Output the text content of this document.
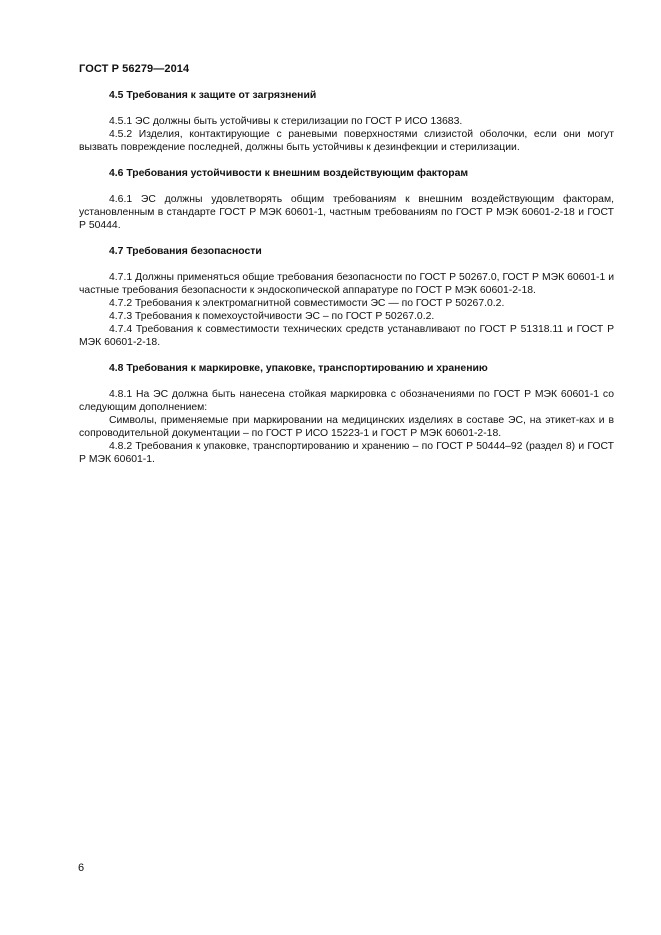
ГОСТ Р 56279—2014

4.5 Требования к защите от загрязнений

4.5.1 ЭС должны быть устойчивы к стерилизации по ГОСТ Р ИСО 13683.

4.5.2 Изделия, контактирующие с раневыми поверхностями слизистой оболочки, если они могут вызвать повреждение последней, должны быть устойчивы к дезинфекции и стерилизации.

4.6 Требования устойчивости к внешним воздействующим факторам

4.6.1 ЭС должны удовлетворять общим требованиям к внешним воздействующим факторам, установленным в стандарте ГОСТ Р МЭК 60601-1, частным требованиям по ГОСТ Р МЭК 60601-2-18 и ГОСТ Р 50444.

4.7 Требования безопасности

4.7.1 Должны применяться общие требования безопасности по ГОСТ Р 50267.0, ГОСТ Р МЭК 60601-1 и частные требования безопасности к эндоскопической аппаратуре по ГОСТ Р МЭК 60601-2-18.

4.7.2 Требования к электромагнитной совместимости ЭС — по ГОСТ Р 50267.0.2.

4.7.3 Требования к помехоустойчивости ЭС – по ГОСТ Р 50267.0.2.

4.7.4 Требования к совместимости технических средств устанавливают по ГОСТ Р 51318.11 и ГОСТ Р МЭК 60601-2-18.

4.8 Требования к маркировке, упаковке, транспортированию и хранению

4.8.1 На ЭС должна быть нанесена стойкая маркировка с обозначениями по ГОСТ Р МЭК 60601-1 со следующим дополнением:

Символы, применяемые при маркировании на медицинских изделиях в составе ЭС, на этикет-ках и в сопроводительной документации – по ГОСТ Р ИСО 15223-1 и ГОСТ Р МЭК 60601-2-18.

4.8.2 Требования к упаковке, транспортированию и хранению – по ГОСТ Р 50444–92 (раздел 8) и ГОСТ Р МЭК 60601-1.

6
